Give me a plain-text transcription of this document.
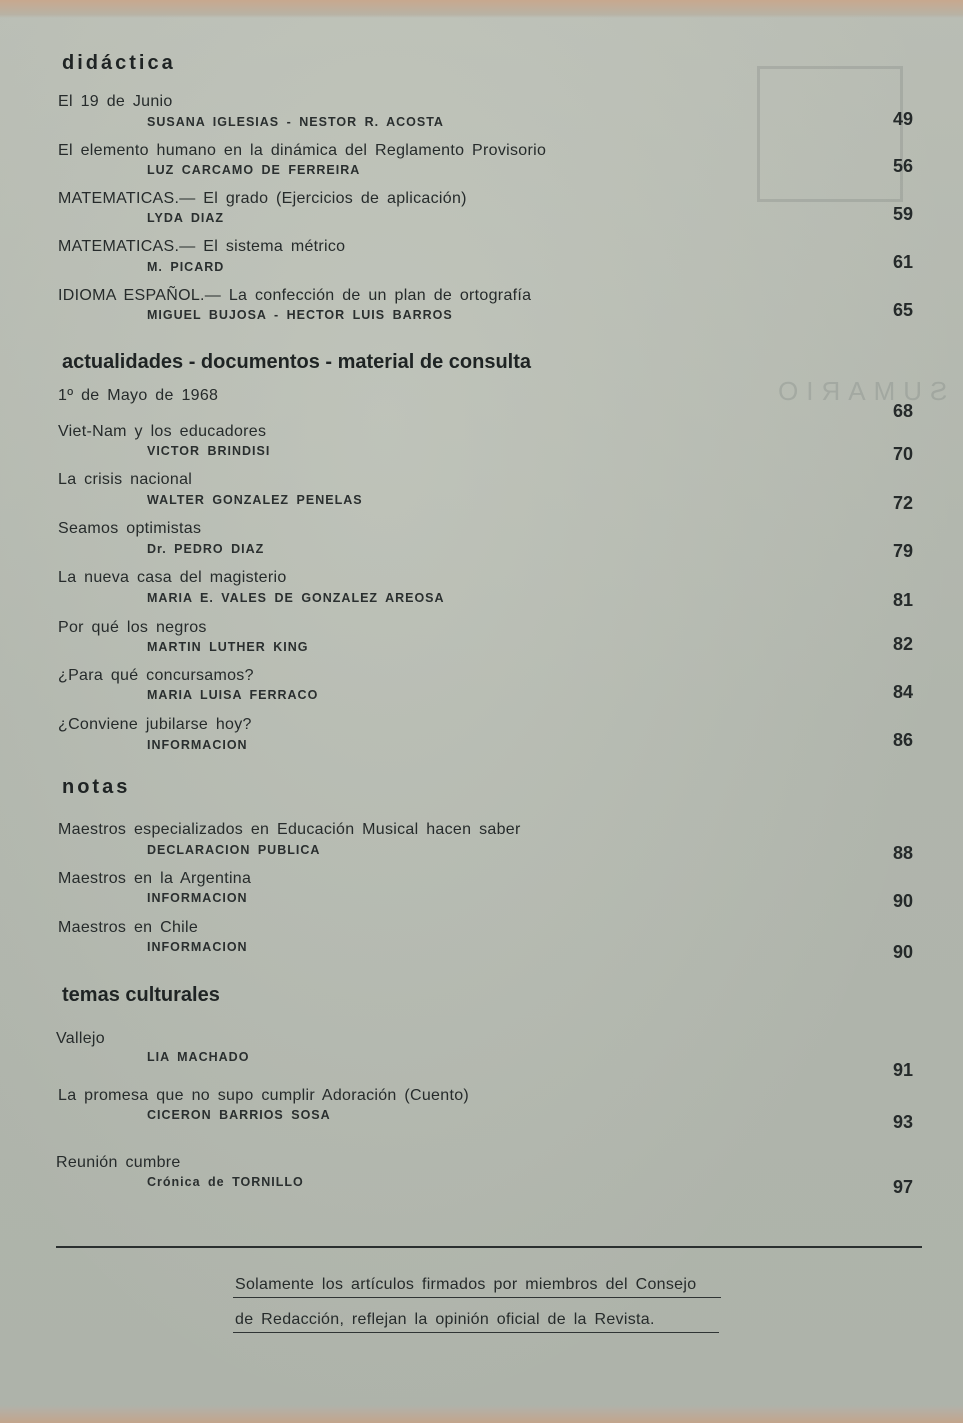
SUMARIO
didáctica
El 19 de Junio
SUSANA IGLESIAS - NESTOR R. ACOSTA	49
El elemento humano en la dinámica del Reglamento Provisorio
LUZ CARCAMO DE FERREIRA	56
MATEMATICAS.— El grado (Ejercicios de aplicación)
LYDA DIAZ	59
MATEMATICAS.— El sistema métrico
M. PICARD	61
IDIOMA ESPAÑOL.— La confección de un plan de ortografía
MIGUEL BUJOSA - HECTOR LUIS BARROS	65
actualidades - documentos - material de consulta
1º de Mayo de 1968
68
Viet-Nam y los educadores
VICTOR BRINDISI	70
La crisis nacional
WALTER GONZALEZ PENELAS	72
Seamos optimistas
Dr. PEDRO DIAZ	79
La nueva casa del magisterio
MARIA E. VALES DE GONZALEZ AREOSA	81
Por qué los negros
MARTIN LUTHER KING	82
¿Para qué concursamos?
MARIA LUISA FERRACO	84
¿Conviene jubilarse hoy?
INFORMACION	86
notas
Maestros especializados en Educación Musical hacen saber
DECLARACION PUBLICA	88
Maestros en la Argentina
INFORMACION	90
Maestros en Chile
INFORMACION	90
temas culturales
Vallejo
LIA MACHADO
91
La promesa que no supo cumplir Adoración (Cuento)
CICERON BARRIOS SOSA	93
Reunión cumbre
Crónica de TORNILLO	97
Solamente los artículos firmados por miembros del Consejo
de Redacción, reflejan la opinión oficial de la Revista.
